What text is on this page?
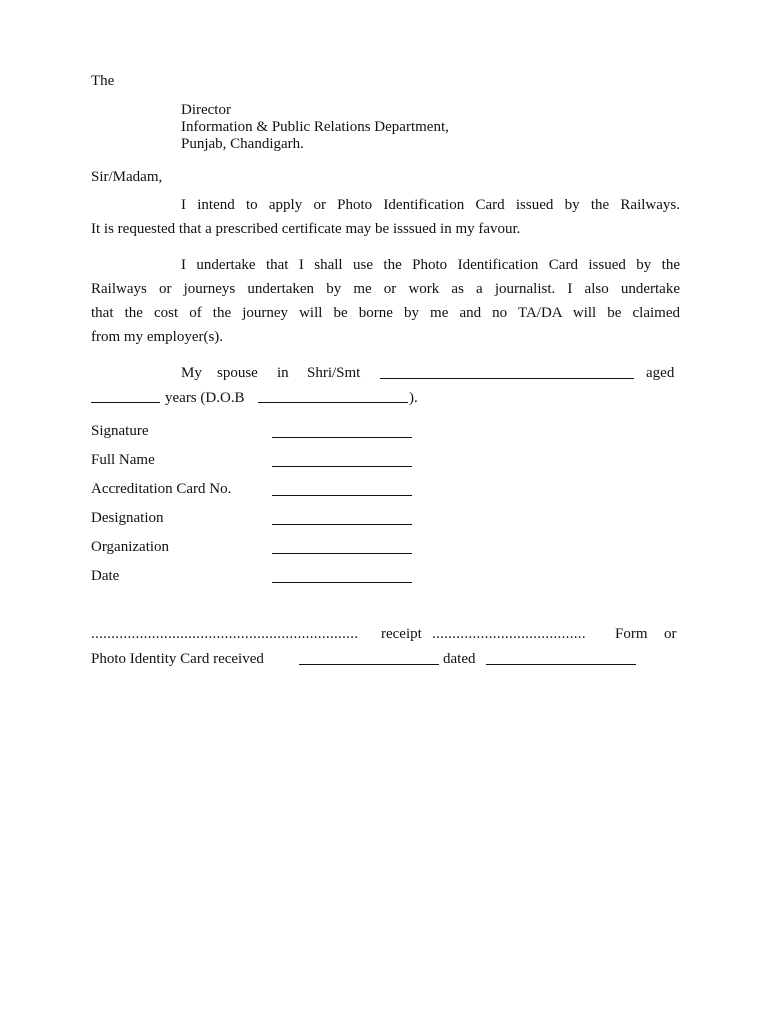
The
Director
Information & Public Relations Department,
Punjab, Chandigarh.
Sir/Madam,
I intend to apply or Photo Identification Card issued by the Railways.
It is requested that a prescribed certificate may be isssued in my favour.
I undertake that I shall use the Photo Identification Card issued by the
Railways or journeys undertaken by me or work as a journalist. I also undertake
that the cost of the journey will be borne by me and no TA/DA will be claimed
from my employer(s).
My spouse in Shri/Smt	aged
years (D.O.B	).
Signature
Full Name
Accreditation Card No.
Designation
Organization
Date
..................................................................	receipt ......................................	Form or
Photo Identity Card received	dated
